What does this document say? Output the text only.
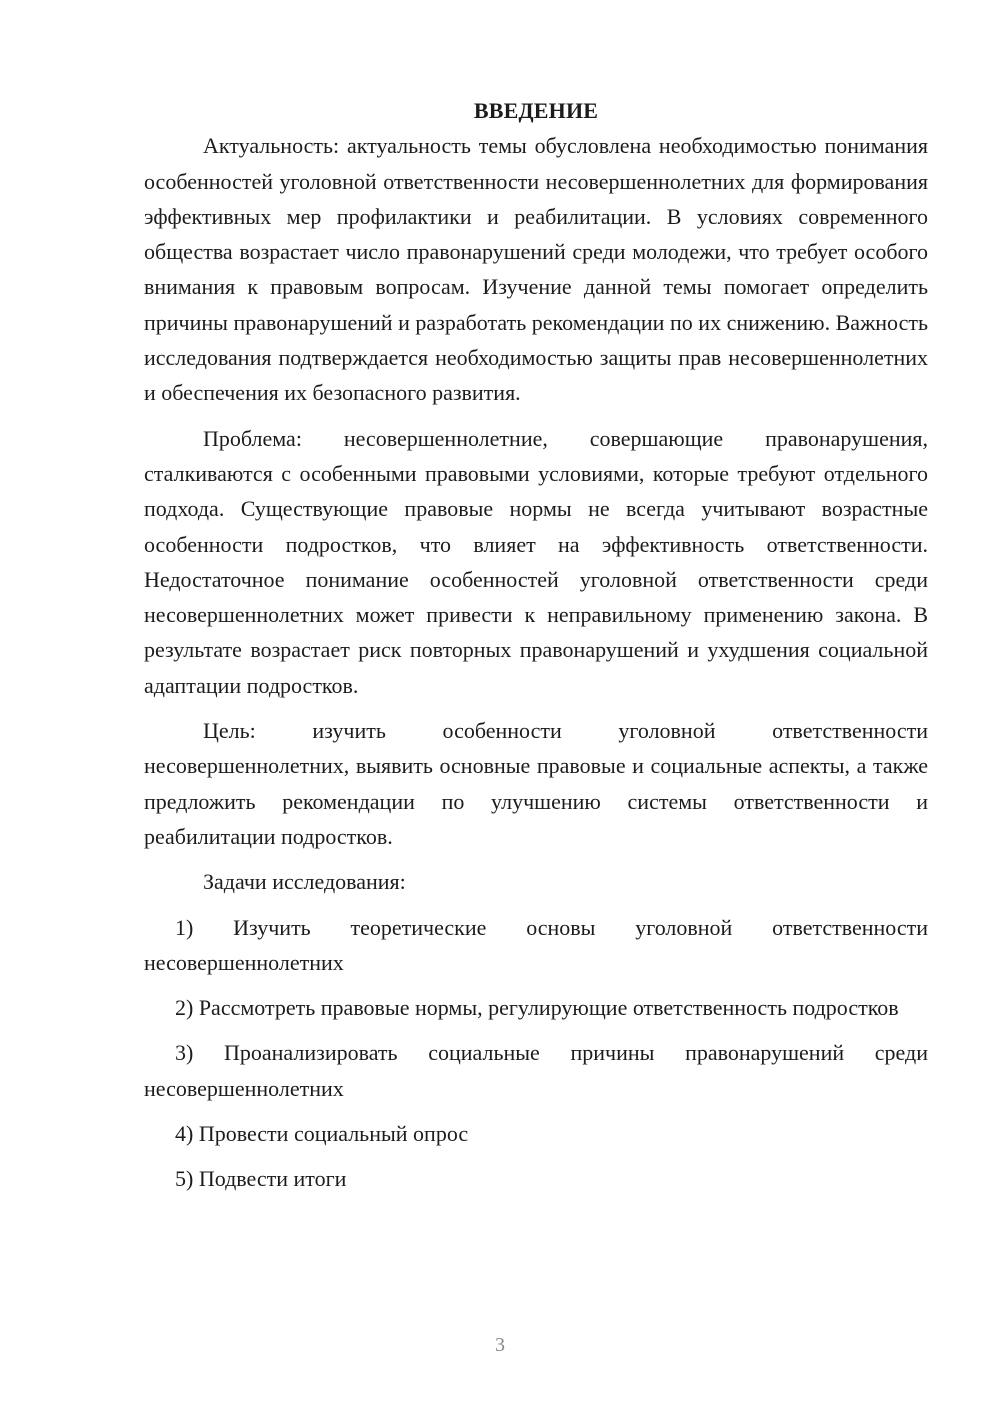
ВВЕДЕНИЕ

Актуальность: актуальность темы обусловлена необходимостью понимания особенностей уголовной ответственности несовершеннолетних для формирования эффективных мер профилактики и реабилитации. В условиях современного общества возрастает число правонарушений среди молодежи, что требует особого внимания к правовым вопросам. Изучение данной темы помогает определить причины правонарушений и разработать рекомендации по их снижению. Важность исследования подтверждается необходимостью защиты прав несовершеннолетних и обеспечения их безопасного развития.

Проблема: несовершеннолетние, совершающие правонарушения, сталкиваются с особенными правовыми условиями, которые требуют отдельного подхода. Существующие правовые нормы не всегда учитывают возрастные особенности подростков, что влияет на эффективность ответственности. Недостаточное понимание особенностей уголовной ответственности среди несовершеннолетних может привести к неправильному применению закона. В результате возрастает риск повторных правонарушений и ухудшения социальной адаптации подростков.

Цель: изучить особенности уголовной ответственности несовершеннолетних, выявить основные правовые и социальные аспекты, а также предложить рекомендации по улучшению системы ответственности и реабилитации подростков.

Задачи исследования:

1) Изучить теоретические основы уголовной ответственности несовершеннолетних

2) Рассмотреть правовые нормы, регулирующие ответственность подростков

3) Проанализировать социальные причины правонарушений среди несовершеннолетних

4) Провести социальный опрос

5) Подвести итоги

3
